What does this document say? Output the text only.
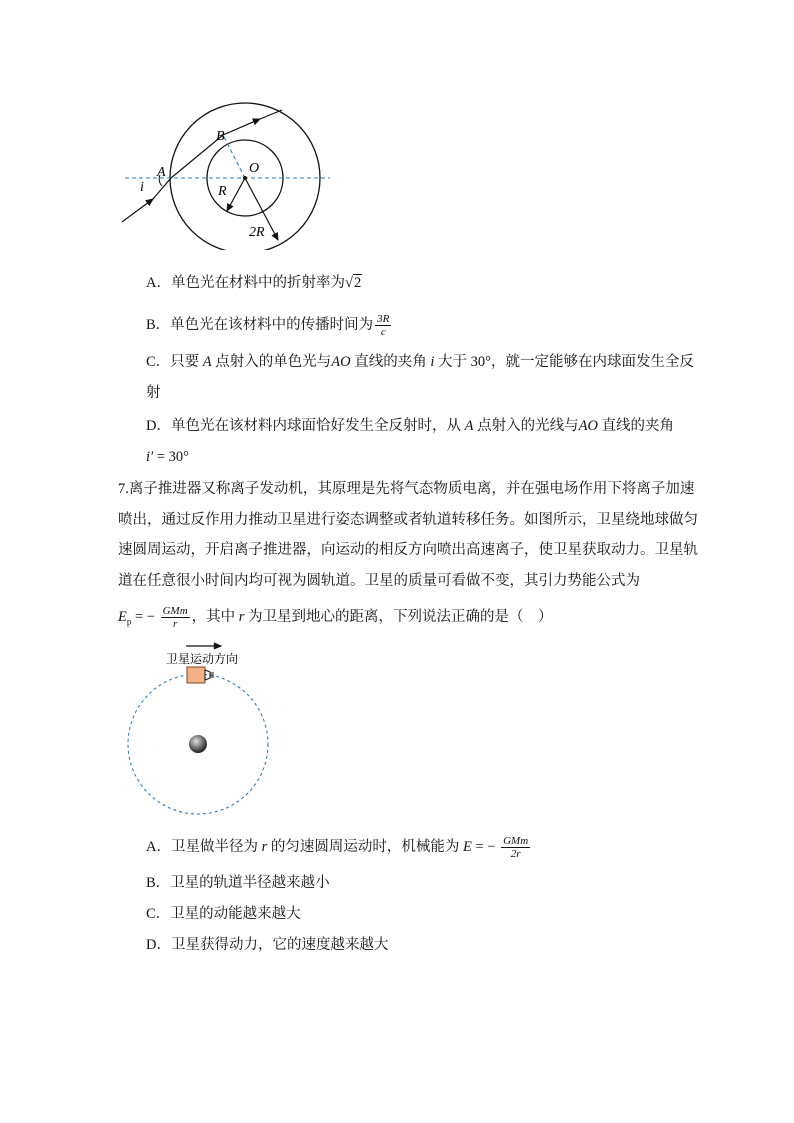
A
B
O
i	R
2R
A．单色光在材料中的折射率为√2
B．单色光在该材料中的传播时间为 $\frac{3R}{c}$
C．只要 A 点射入的单色光与AO 直线的夹角 i 大于 30°，就一定能够在内球面发生全反
射
D．单色光在该材料内球面恰好发生全反射时，从 A 点射入的光线与AO 直线的夹角
i′ = 30°
7.离子推进器又称离子发动机，其原理是先将气态物质电离，并在强电场作用下将离子加速
喷出，通过反作用力推动卫星进行姿态调整或者轨道转移任务。如图所示，卫星绕地球做匀
速圆周运动，开启离子推进器，向运动的相反方向喷出高速离子，使卫星获取动力。卫星轨
道在任意很小时间内均可视为圆轨道。卫星的质量可看做不变，其引力势能公式为
$E_p$ = − $\frac{\text{GMm}}{r}$ ，其中 r 为卫星到地心的距离，下列说法正确的是（　）
卫星运动方向
A．卫星做半径为 r 的匀速圆周运动时，机械能为 E = − $\frac{\text{GMm}}{2r}$
B．卫星的轨道半径越来越小
C．卫星的动能越来越大
D．卫星获得动力，它的速度越来越大
